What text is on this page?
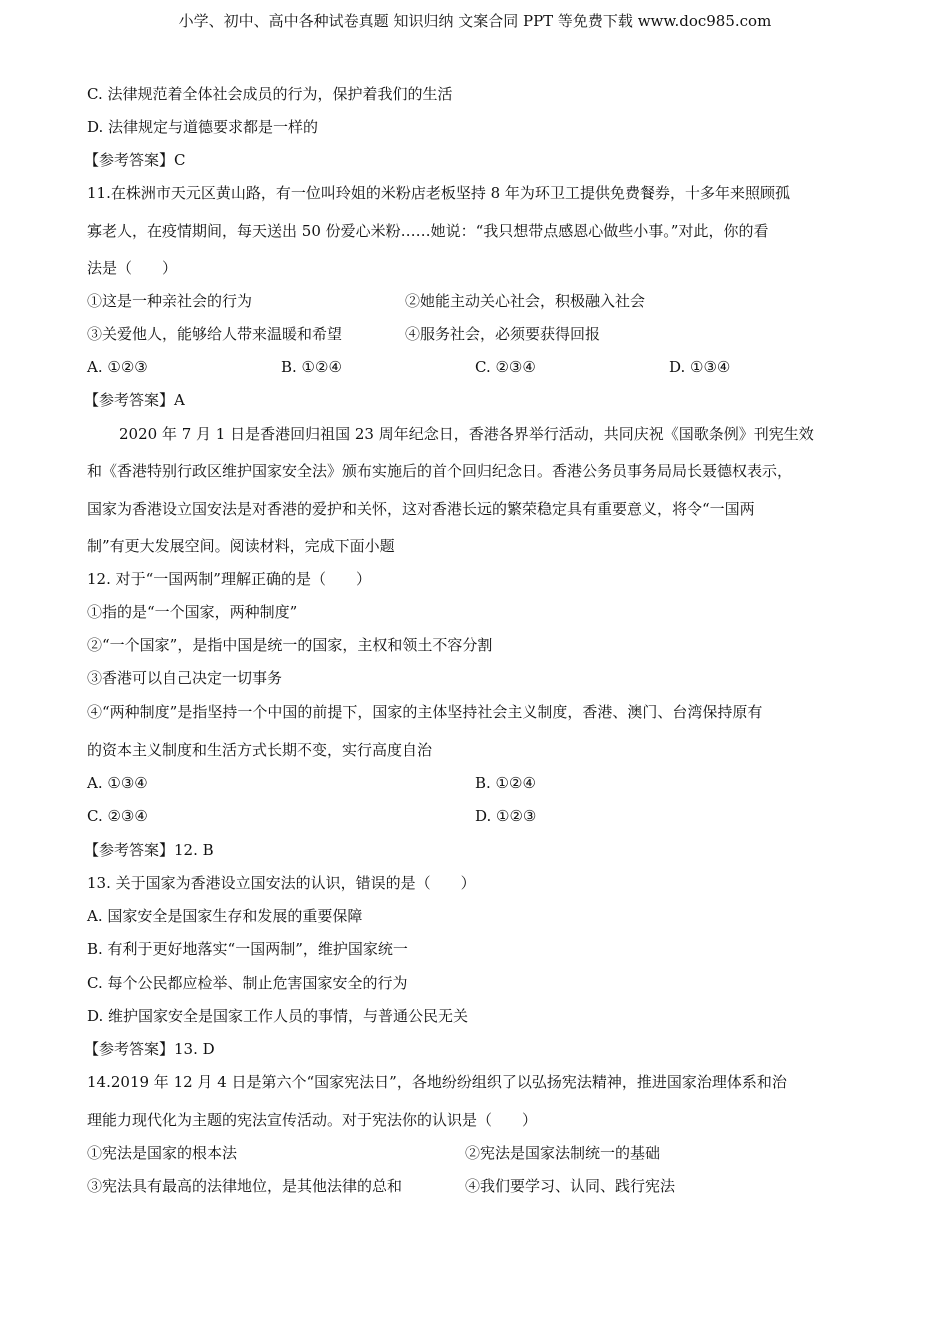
小学、初中、高中各种试卷真题 知识归纳 文案合同 PPT 等免费下载 www.doc985.com
C. 法律规范着全体社会成员的行为，保护着我们的生活
D. 法律规定与道德要求都是一样的
【参考答案】C
11.在株洲市天元区黄山路，有一位叫玲姐的米粉店老板坚持 8 年为环卫工提供免费餐券，十多年来照顾孤
寡老人，在疫情期间，每天送出 50 份爱心米粉……她说：“我只想带点感恩心做些小事。”对此，你的看
法是（　　）
①这是一种亲社会的行为	②她能主动关心社会，积极融入社会
③关爱他人，能够给人带来温暖和希望	④服务社会，必须要获得回报
A. ①②③	B. ①②④	C. ②③④	D. ①③④
【参考答案】A
2020 年 7 月 1 日是香港回归祖国 23 周年纪念日，香港各界举行活动，共同庆祝《国歌条例》刊宪生效
和《香港特别行政区维护国家安全法》颁布实施后的首个回归纪念日。香港公务员事务局局长聂德权表示，
国家为香港设立国安法是对香港的爱护和关怀，这对香港长远的繁荣稳定具有重要意义，将令“一国两
制”有更大发展空间。阅读材料，完成下面小题
12. 对于“一国两制”理解正确的是（　　）
①指的是“一个国家，两种制度”
②“一个国家”，是指中国是统一的国家，主权和领土不容分割
③香港可以自己决定一切事务
④“两种制度”是指坚持一个中国的前提下，国家的主体坚持社会主义制度，香港、澳门、台湾保持原有
的资本主义制度和生活方式长期不变，实行高度自治
A. ①③④	B. ①②④
C. ②③④	D. ①②③
【参考答案】12. B
13. 关于国家为香港设立国安法的认识，错误的是（　　）
A. 国家安全是国家生存和发展的重要保障
B. 有利于更好地落实“一国两制”，维护国家统一
C. 每个公民都应检举、制止危害国家安全的行为
D. 维护国家安全是国家工作人员的事情，与普通公民无关
【参考答案】13. D
14.2019 年 12 月 4 日是第六个“国家宪法日”，各地纷纷组织了以弘扬宪法精神，推进国家治理体系和治
理能力现代化为主题的宪法宣传活动。对于宪法你的认识是（　　）
①宪法是国家的根本法	②宪法是国家法制统一的基础
③宪法具有最高的法律地位，是其他法律的总和	④我们要学习、认同、践行宪法
